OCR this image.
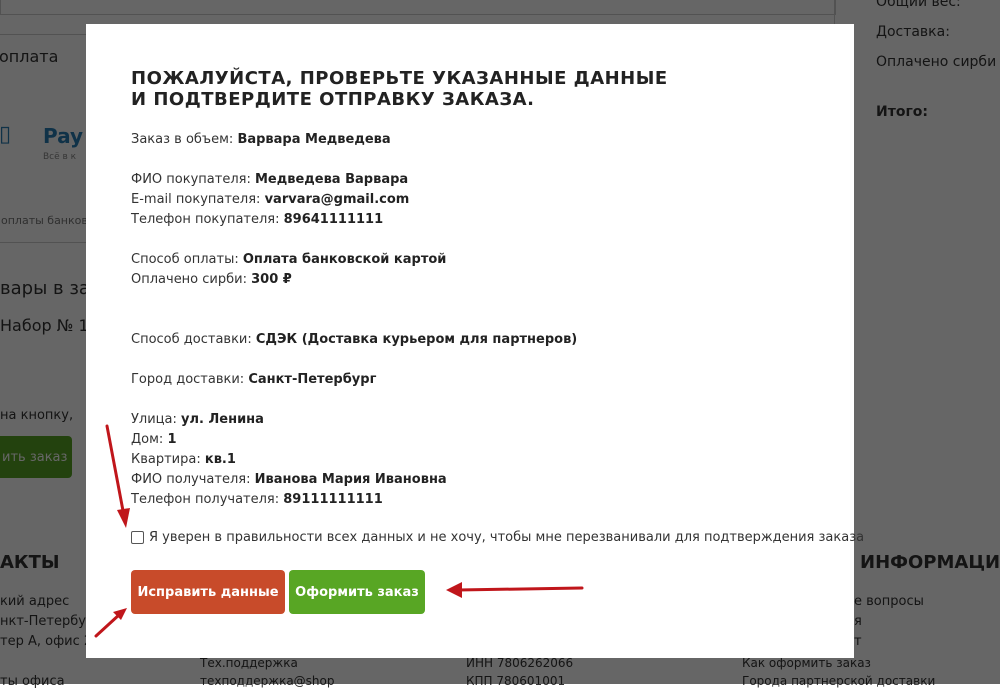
ПОЖАЛУЙСТА, ПРОВЕРЬТЕ УКАЗАННЫЕ ДАННЫЕ
И ПОДТВЕРДИТЕ ОТПРАВКУ ЗАКАЗА.
Заказ в объем: Варвара Медведева
ФИО покупателя: Медведева Варвара
E-mail покупателя: varvara@gmail.com
Телефон покупателя: 89641111111
Способ оплаты: Оплата банковской картой
Оплачено сирби: 300 ₽
Способ доставки: СДЭК (Доставка курьером для партнеров)
Город доставки: Санкт-Петербург
Улица: ул. Ленина
Дом: 1
Квартира: кв.1
ФИО получателя: Иванова Мария Ивановна
Телефон получателя: 89111111111
Я уверен в правильности всех данных и не хочу, чтобы мне перезванивали для подтверждения заказа
Исправить данные Оформить заказ
